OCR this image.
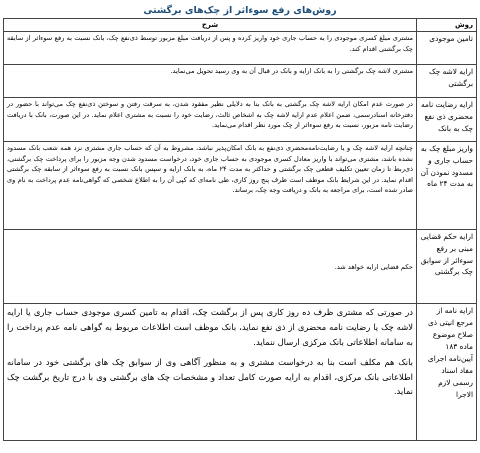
روش‌های رفع سوءاثر از چک‌های برگشتی
روش	شرح
تامین موجودی	مشتری مبلغ کسری موجودی را به حساب جاری خود واریز کرده و پس از دریافت مبلغ مزبور توسط ذی‌نفع چک، بانک نسبت به رفع سوءاثر از سابقه چک برگشتی اقدام کند.
ارایه لاشه چک برگشتی	مشتری لاشه چک برگشتی را به بانک ارایه و بانک در قبال آن به وی رسید تحویل می‌نماید.
ارایه رضایت نامه محضری ذی نفع چک به بانک	در صورت عدم امکان ارایه لاشه چک برگشتی به بانک بنا به دلایلی نظیر مفقود شدن، به سرقت رفتن و سوختن ذی‌نفع چک می‌تواند با حضور در دفترخانه اسنادرسمی، ضمن اعلام عدم ارایه لاشه چک به اشخاص ثالث، رضایت خود را نسبت به مشتری اعلام نماید. در این صورت، بانک با دریافت رضایت نامه مزبور، نسبت به رفع سوءاثر از چک مورد نظر اقدام می‌نماید.
واریز مبلغ چک به حساب جاری و مسدود نمودن آن به مدت ۲۴ ماه	چنانچه ارایه لاشه چک و یا رضایت‌نامه‌محضری ذی‌نفع به بانک امکان‌پذیر نباشد، مشروط به آن که حساب جاری مشتری نزد همه شعب بانک مسدود نشده باشد، مشتری می‌تواند با واریز معادل کسری موجودی به حساب جاری خود، درخواست مسدود شدن وجه مزبور را برای پرداخت چک برگشتی، ذی‌ربط تا زمان تعیین تکلیف قطعی چک برگشتی و حداکثر به مدت ۲۴ ماه، به بانک ارایه و سپس بانک نسبت به رفع سوءاثر از سابقه چک برگشتی اقدام نماید. در این شرایط بانک موظف است ظرف پنج روز کاری، طی نامه‌ای که کپی آن را به اطلاع شخصی که گواهی‌نامه عدم پرداخت به نام وی صادر شده است، برای مراجعه به بانک و دریافت وجه چک، برساند.
ارایه حکم قضایی مبنی بر رفع سوءاثر از سوابق چک برگشتی	حکم قضایی ارایه خواهد شد.
ارایه نامه از مرجع انیتی ذی صلاح موضوع ماده ۱۸۳ آیین‌نامه اجرای مفاد اسناد رسمی لازم الاجرا	در صورتی که مشتری ظرف ده روز کاری پس از برگشت چک، اقدام به تامین کسری موجودی حساب جاری یا ارایه لاشه چک یا رضایت نامه محضری از ذی نفع نماید، بانک موظف است اطلاعات مربوط به گواهی نامه عدم پرداخت را به سامانه اطلاعاتی بانک مرکزی ارسال ننماید.
بانک هم مکلف است بنا به درخواست مشتری و به منظور آگاهی وی از سوابق چک های برگشتی خود در سامانه اطلاعاتی بانک مرکزی، اقدام به ارایه صورت کامل تعداد و مشخصات چک های برگشتی وی با درج تاریخ برگشت چک نماید.
